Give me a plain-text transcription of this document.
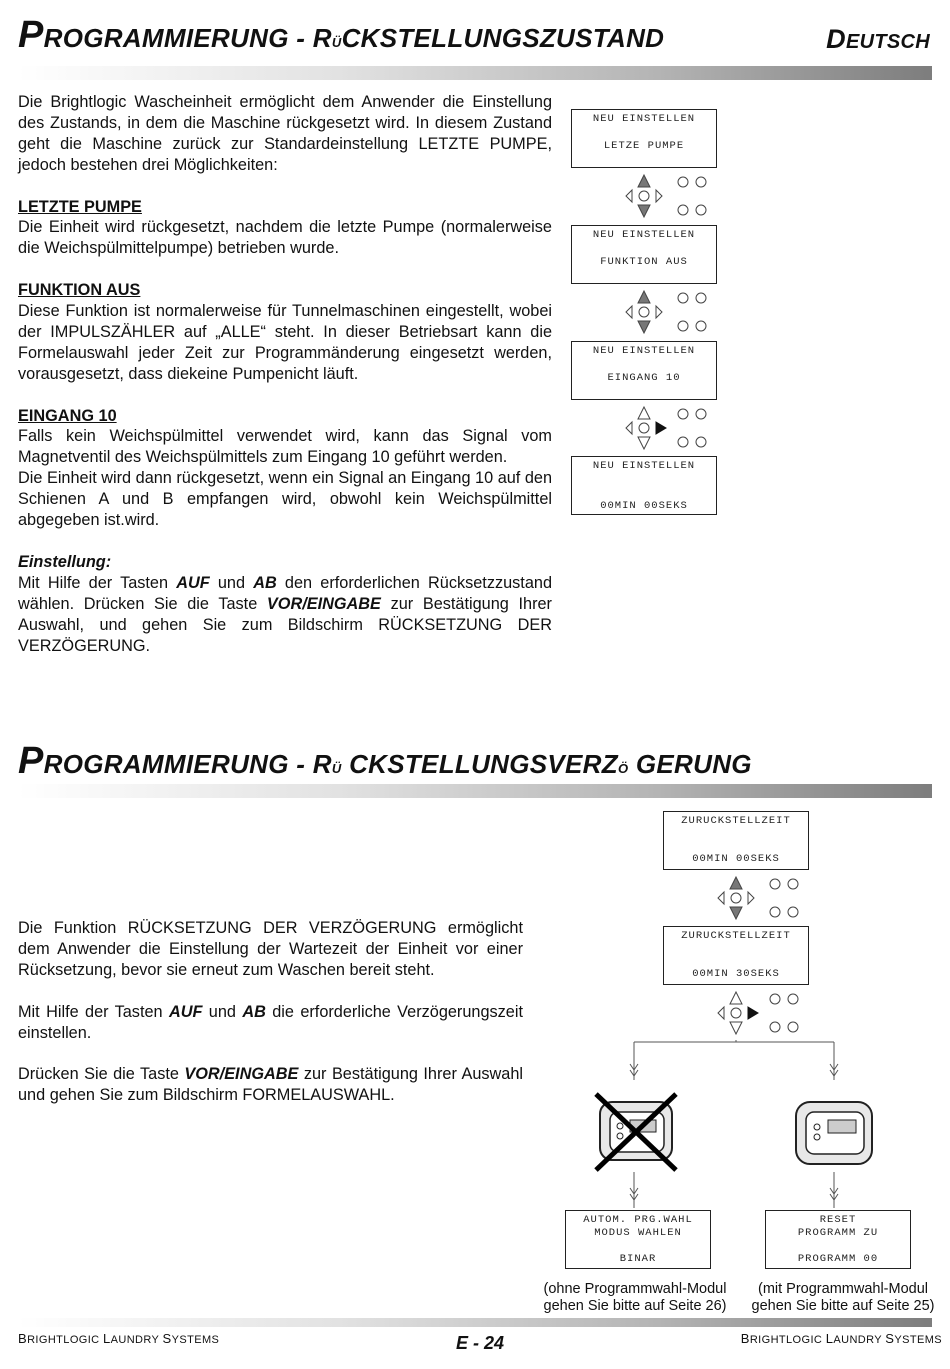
PROGRAMMIERUNG - RÜCKSTELLUNGSZUSTAND	DEUTSCH

Die Brightlogic Wascheinheit ermöglicht dem Anwender die Einstellung des Zustands, in dem die Maschine rückgesetzt wird. In diesem Zustand geht die Maschine zurück zur Standardeinstellung LETZTE PUMPE, jedoch bestehen drei Möglichkeiten:

LETZTE PUMPE

Die Einheit wird rückgesetzt, nachdem die letzte Pumpe (normalerweise die Weichspülmittelpumpe) betrieben wurde.

FUNKTION AUS

Diese Funktion ist normalerweise für Tunnelmaschinen eingestellt, wobei der IMPULSZÄHLER auf „ALLE“ steht. In dieser Betriebsart kann die Formelauswahl jeder Zeit zur Programmänderung eingesetzt werden, vorausgesetzt, dass diekeine Pumpenicht läuft.

EINGANG 10

Falls kein Weichspülmittel verwendet wird, kann das Signal vom Magnetventil des Weichspülmittels zum Eingang 10 geführt werden.

Die Einheit wird dann rückgesetzt, wenn ein Signal an Eingang 10 auf den Schienen A und B empfangen wird, obwohl kein Weichspülmittel abgegeben ist.wird.

Einstellung:

Mit Hilfe der Tasten AUF und AB den erforderlichen Rücksetzzustand wählen. Drücken Sie die Taste VOR/EINGABE zur Bestätigung Ihrer Auswahl, und gehen Sie zum Bildschirm RÜCKSETZUNG DER VERZÖGERUNG.

NEU EINSTELLEN
LETZE PUMPE
NEU EINSTELLEN
FUNKTION AUS
NEU EINSTELLEN
EINGANG 10
NEU EINSTELLEN
00MIN 00SEKS
PROGRAMMIERUNG - RÜ CKSTELLUNGSVERZÖ GERUNG

Die Funktion RÜCKSETZUNG DER VERZÖGERUNG ermöglicht dem Anwender die Einstellung der Wartezeit der Einheit vor einer Rücksetzung, bevor sie erneut zum Waschen bereit steht.

Mit Hilfe der Tasten AUF und AB die erforderliche Verzögerungszeit einstellen.

Drücken Sie die Taste VOR/EINGABE zur Bestätigung Ihrer Auswahl und gehen Sie zum Bildschirm FORMELAUSWAHL.

ZURUCKSTELLZEIT
00MIN 00SEKS
ZURUCKSTELLZEIT
00MIN 30SEKS
AUTOM. PRG.WAHL
MODUS WAHLEN
BINAR
RESET
PROGRAMM ZU
PROGRAMM 00
(ohne Programmwahl-Modul
gehen Sie bitte auf Seite 26)
(mit Programmwahl-Modul
gehen Sie bitte auf Seite 25)
BRIGHTLOGIC LAUNDRY SYSTEMS	E - 24	BRIGHTLOGIC LAUNDRY SYSTEMS
